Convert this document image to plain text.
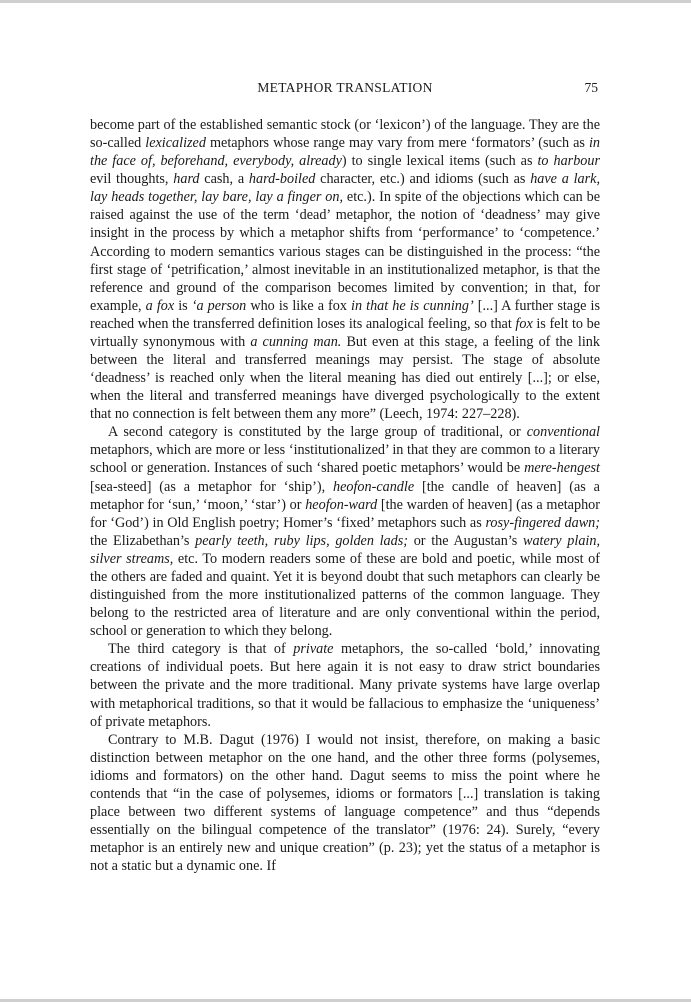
METAPHOR TRANSLATION	75

become part of the established semantic stock (or ‘lexicon’) of the language. They are the so-called lexicalized metaphors whose range may vary from mere ‘formators’ (such as in the face of, beforehand, everybody, already) to single lexical items (such as to harbour evil thoughts, hard cash, a hard-boiled character, etc.) and idioms (such as have a lark, lay heads together, lay bare, lay a finger on, etc.). In spite of the objections which can be raised against the use of the term ‘dead’ metaphor, the notion of ‘deadness’ may give insight in the process by which a metaphor shifts from ‘performance’ to ‘competence.’ According to modern semantics various stages can be distinguished in the process: “the first stage of ‘petrification,’ almost inevitable in an institutionalized metaphor, is that the reference and ground of the comparison becomes limited by convention; in that, for example, a fox is ‘a person who is like a fox in that he is cunning’ [...] A further stage is reached when the transferred definition loses its analogical feeling, so that fox is felt to be virtually synonymous with a cunning man. But even at this stage, a feeling of the link between the literal and transferred meanings may persist. The stage of absolute ‘deadness’ is reached only when the literal meaning has died out entirely [...]; or else, when the literal and transferred meanings have diverged psychologically to the extent that no connection is felt between them any more” (Leech, 1974: 227–228).

A second category is constituted by the large group of traditional, or conventional metaphors, which are more or less ‘institutionalized’ in that they are common to a literary school or generation. Instances of such ‘shared poetic metaphors’ would be mere-hengest [sea-steed] (as a metaphor for ‘ship’), heofon-candle [the candle of heaven] (as a metaphor for ‘sun,’ ‘moon,’ ‘star’) or heofon-ward [the warden of heaven] (as a metaphor for ‘God’) in Old English poetry; Homer’s ‘fixed’ metaphors such as rosy-fingered dawn; the Elizabethan’s pearly teeth, ruby lips, golden lads; or the Augustan’s watery plain, silver streams, etc. To modern readers some of these are bold and poetic, while most of the others are faded and quaint. Yet it is beyond doubt that such metaphors can clearly be distinguished from the more institutionalized patterns of the common language. They belong to the restricted area of literature and are only conventional within the period, school or generation to which they belong.

The third category is that of private metaphors, the so-called ‘bold,’ innovating creations of individual poets. But here again it is not easy to draw strict boundaries between the private and the more traditional. Many private systems have large overlap with metaphorical traditions, so that it would be fallacious to emphasize the ‘uniqueness’ of private metaphors.

Contrary to M.B. Dagut (1976) I would not insist, therefore, on making a basic distinction between metaphor on the one hand, and the other three forms (polysemes, idioms and formators) on the other hand. Dagut seems to miss the point where he contends that “in the case of polysemes, idioms or formators [...] translation is taking place between two different systems of language competence” and thus “depends essentially on the bilingual competence of the translator” (1976: 24). Surely, “every metaphor is an entirely new and unique creation” (p. 23); yet the status of a metaphor is not a static but a dynamic one. If
